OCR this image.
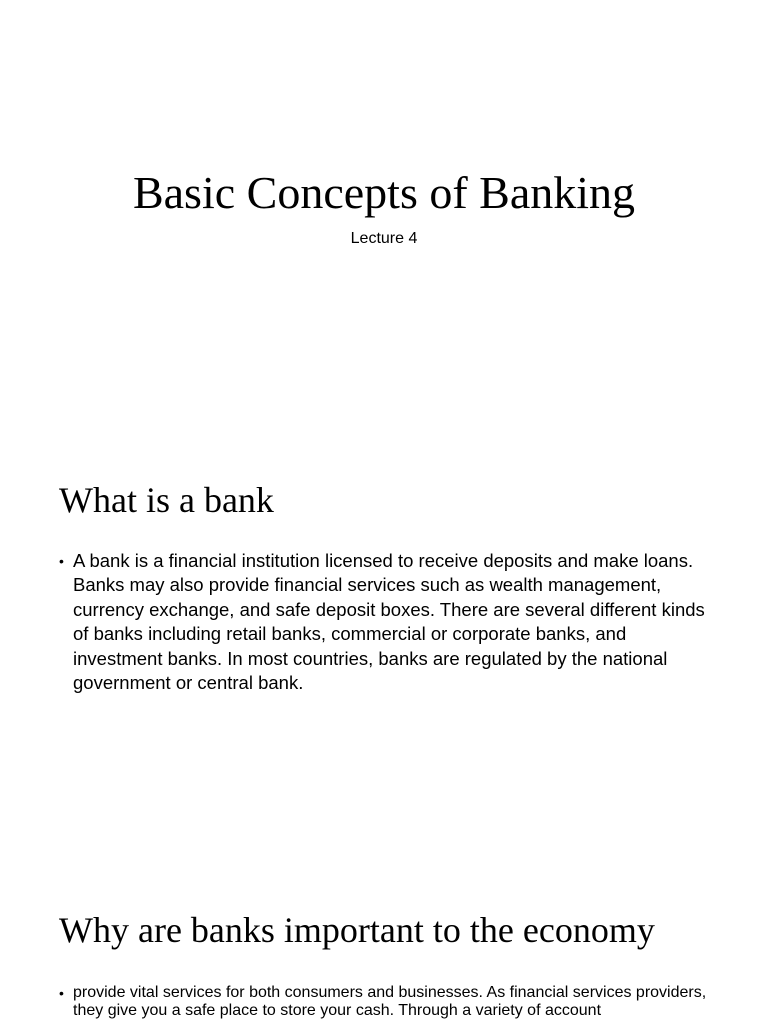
Basic Concepts of Banking

Lecture 4

What is a bank
• A bank is a financial institution licensed to receive deposits and make loans. Banks may also provide financial services such as wealth management, currency exchange, and safe deposit boxes. There are several different kinds of banks including retail banks, commercial or corporate banks, and investment banks. In most countries, banks are regulated by the national government or central bank.
Why are banks important to the economy
• provide vital services for both consumers and businesses. As financial services providers, they give you a safe place to store your cash. Through a variety of account
